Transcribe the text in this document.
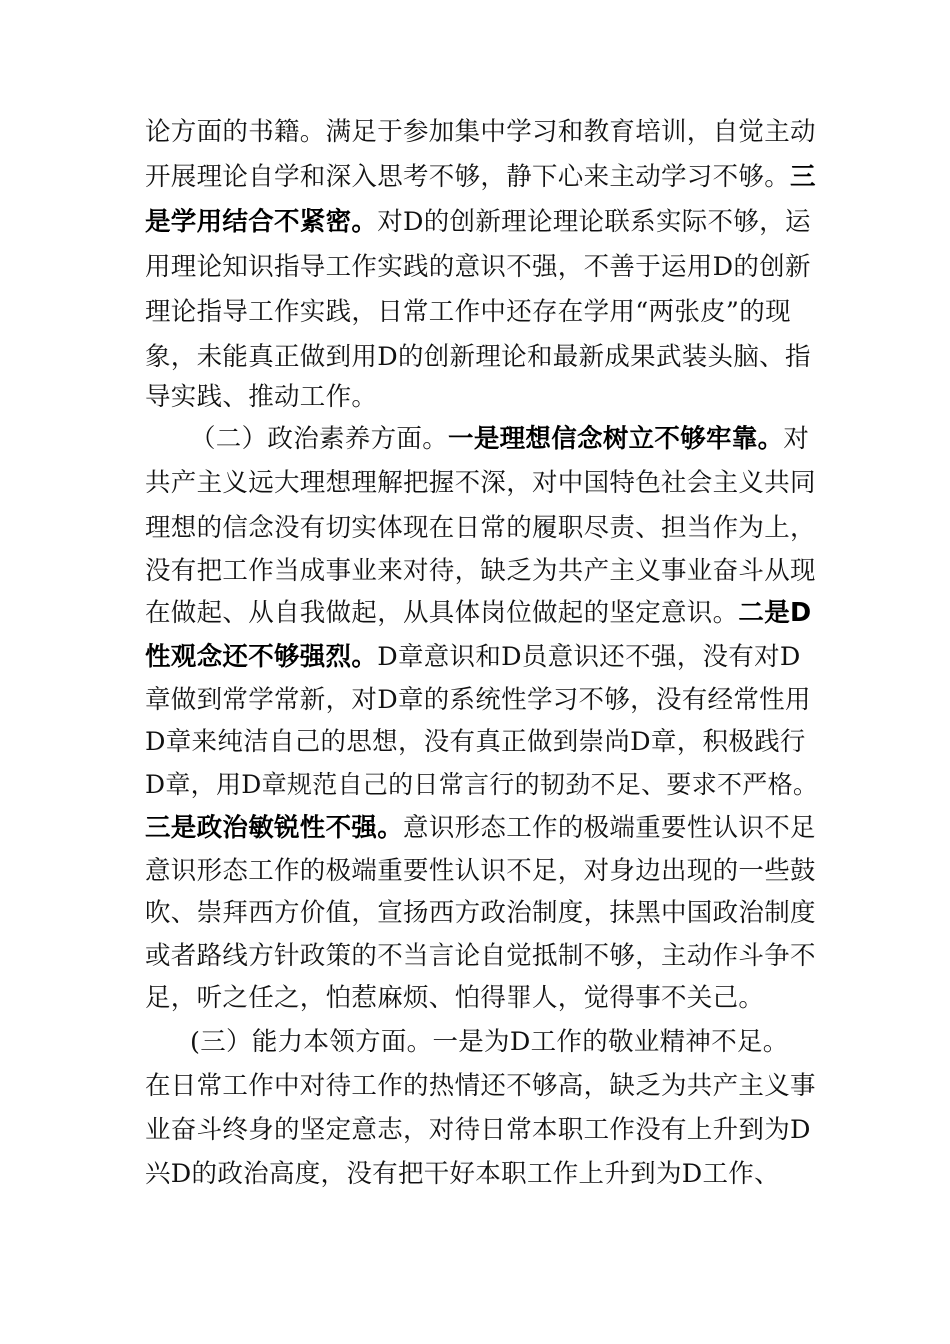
论方面的书籍。满足于参加集中学习和教育培训，自觉主动
开展理论自学和深入思考不够，静下心来主动学习不够。三
是学用结合不紧密。对D的创新理论理论联系实际不够，运
用理论知识指导工作实践的意识不强，不善于运用D的创新
理论指导工作实践，日常工作中还存在学用“两张皮”的现
象，未能真正做到用D的创新理论和最新成果武装头脑、指
导实践、推动工作。
（二）政治素养方面。一是理想信念树立不够牢靠。对
共产主义远大理想理解把握不深，对中国特色社会主义共同
理想的信念没有切实体现在日常的履职尽责、担当作为上，
没有把工作当成事业来对待，缺乏为共产主义事业奋斗从现
在做起、从自我做起，从具体岗位做起的坚定意识。二是D
性观念还不够强烈。D章意识和D员意识还不强，没有对D
章做到常学常新，对D章的系统性学习不够，没有经常性用
D章来纯洁自己的思想，没有真正做到崇尚D章，积极践行
D章，用D章规范自己的日常言行的韧劲不足、要求不严格。
三是政治敏锐性不强。意识形态工作的极端重要性认识不足
意识形态工作的极端重要性认识不足，对身边出现的一些鼓
吹、崇拜西方价值，宣扬西方政治制度，抹黑中国政治制度
或者路线方针政策的不当言论自觉抵制不够，主动作斗争不
足，听之任之，怕惹麻烦、怕得罪人，觉得事不关己。
(三）能力本领方面。一是为D工作的敬业精神不足。
在日常工作中对待工作的热情还不够高，缺乏为共产主义事
业奋斗终身的坚定意志，对待日常本职工作没有上升到为D
兴D的政治高度，没有把干好本职工作上升到为D工作、
